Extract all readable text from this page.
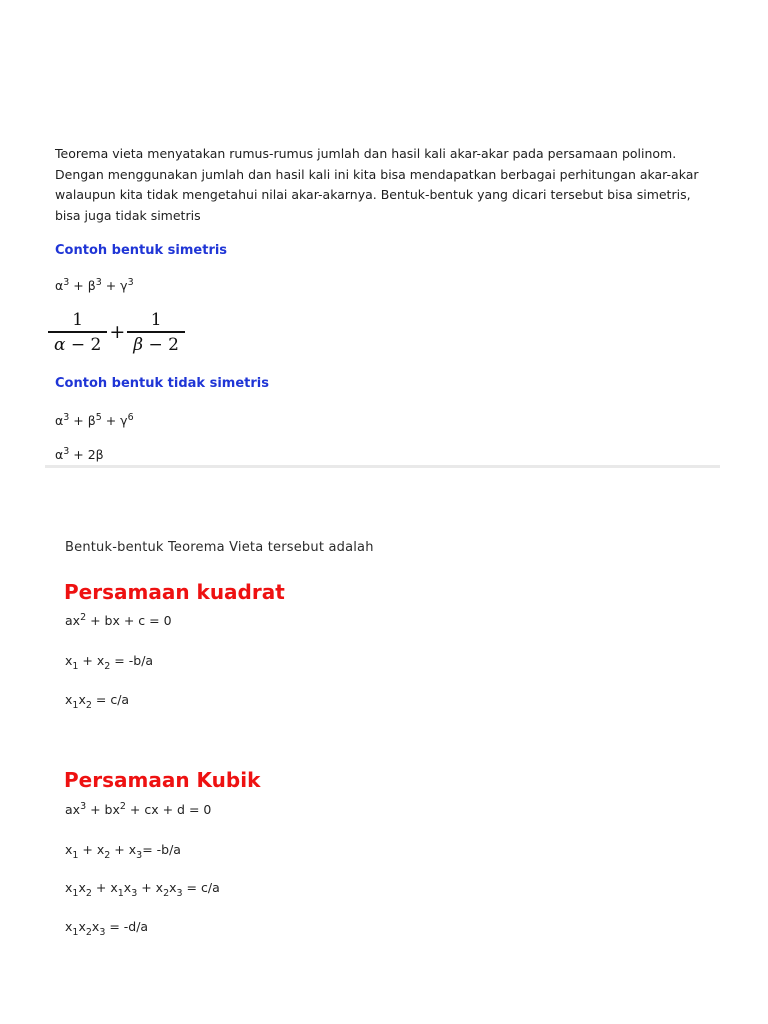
Teorema vieta menyatakan rumus-rumus jumlah dan hasil kali akar-akar pada persamaan polinom. Dengan menggunakan jumlah dan hasil kali ini kita bisa mendapatkan berbagai perhitungan akar-akar walaupun kita tidak mengetahui nilai akar-akarnya. Bentuk-bentuk yang dicari tersebut bisa simetris, bisa juga tidak simetris

Contoh bentuk simetris

$\alpha^3 + \beta^3 + \gamma^3$

$\frac{1}{\alpha - 2} + \frac{1}{\beta - 2}$

Contoh bentuk tidak simetris

$\alpha^3 + \beta^5 + \gamma^6$

$\alpha^3 + 2\beta$

Bentuk-bentuk Teorema Vieta tersebut adalah

Persamaan kuadrat

$ax^2$ + bx + c = 0

$x_1 + x_2 = -b/a$

$x_1x_2 = c/a$

Persamaan Kubik

$ax^3 + bx^2$ + cx + d = 0

$x_1 + x_2 + x_3= -b/a$

$x_1x_2 + x_1x_3 + x_2x_3 = c/a$

$x_1x_2x_3 = -d/a$
